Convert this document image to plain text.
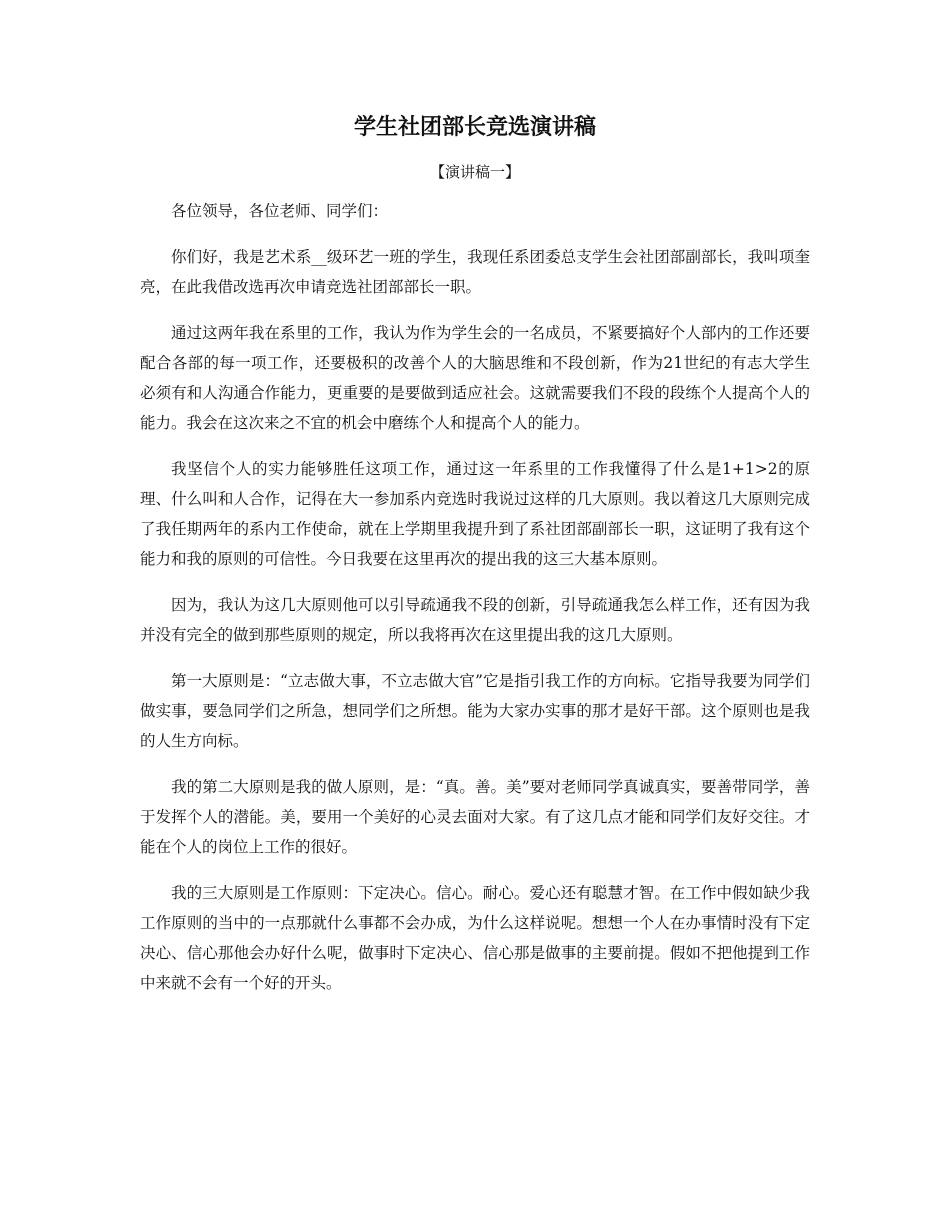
学生社团部长竞选演讲稿

【演讲稿一】

各位领导，各位老师、同学们：

你们好，我是艺术系__级环艺一班的学生，我现任系团委总支学生会社团部副部长，我叫项奎亮，在此我借改选再次申请竞选社团部部长一职。

通过这两年我在系里的工作，我认为作为学生会的一名成员，不紧要搞好个人部内的工作还要配合各部的每一项工作，还要极积的改善个人的大脑思维和不段创新，作为21世纪的有志大学生必须有和人沟通合作能力，更重要的是要做到适应社会。这就需要我们不段的段练个人提高个人的能力。我会在这次来之不宜的机会中磨练个人和提高个人的能力。

我坚信个人的实力能够胜任这项工作，通过这一年系里的工作我懂得了什么是1+1>2的原理、什么叫和人合作，记得在大一参加系内竞选时我说过这样的几大原则。我以着这几大原则完成了我任期两年的系内工作使命，就在上学期里我提升到了系社团部副部长一职，这证明了我有这个能力和我的原则的可信性。今日我要在这里再次的提出我的这三大基本原则。

因为，我认为这几大原则他可以引导疏通我不段的创新，引导疏通我怎么样工作，还有因为我并没有完全的做到那些原则的规定，所以我将再次在这里提出我的这几大原则。

第一大原则是：“立志做大事，不立志做大官”它是指引我工作的方向标。它指导我要为同学们做实事，要急同学们之所急，想同学们之所想。能为大家办实事的那才是好干部。这个原则也是我的人生方向标。

我的第二大原则是我的做人原则，是：“真。善。美”要对老师同学真诚真实，要善带同学，善于发挥个人的潜能。美，要用一个美好的心灵去面对大家。有了这几点才能和同学们友好交往。才能在个人的岗位上工作的很好。

我的三大原则是工作原则：下定决心。信心。耐心。爱心还有聪慧才智。在工作中假如缺少我工作原则的当中的一点那就什么事都不会办成，为什么这样说呢。想想一个人在办事情时没有下定决心、信心那他会办好什么呢，做事时下定决心、信心那是做事的主要前提。假如不把他提到工作中来就不会有一个好的开头。
